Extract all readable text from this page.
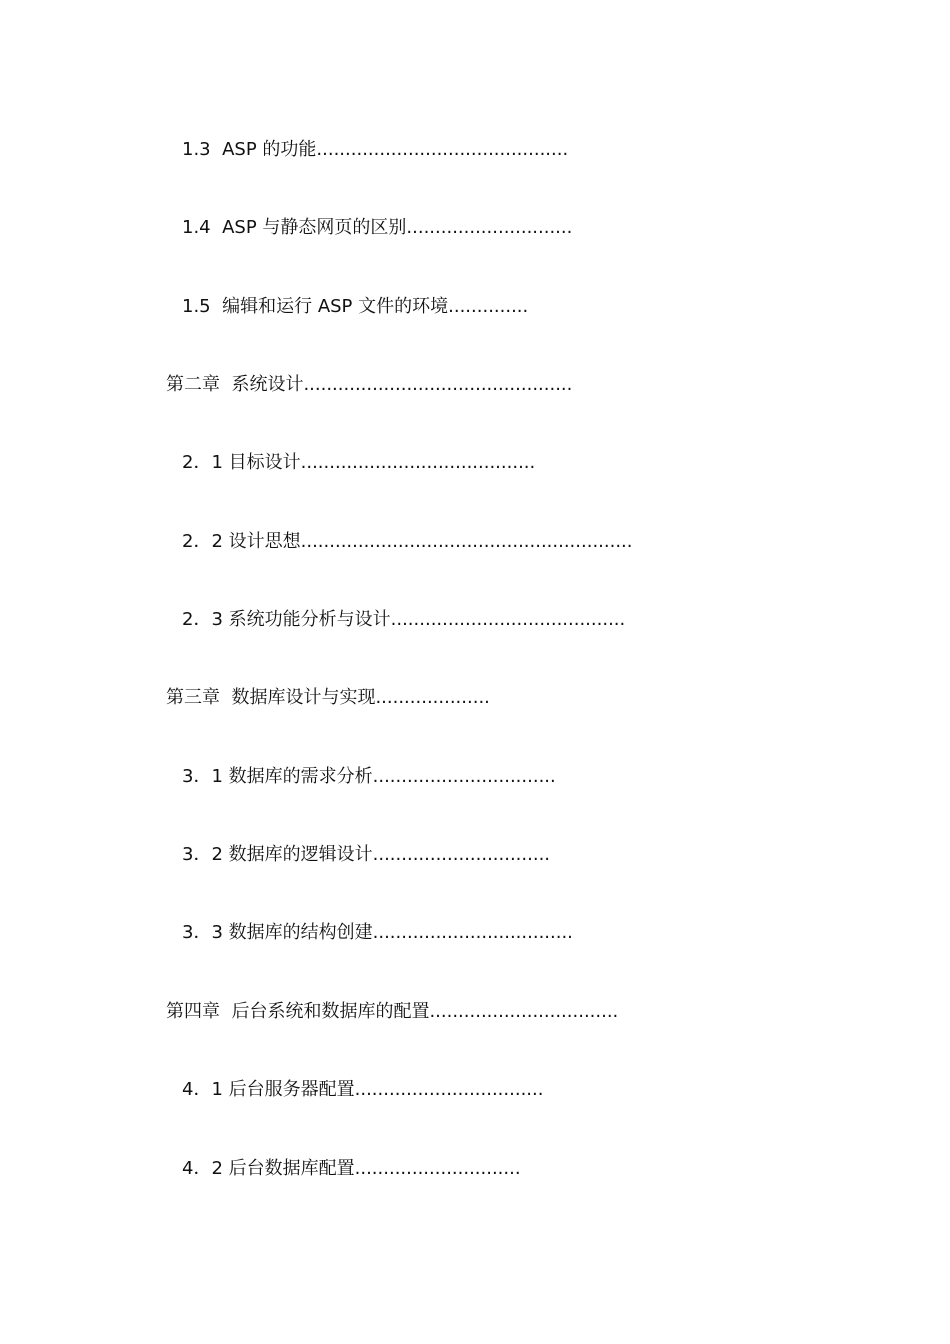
1.3 ASP 的功能............................................

1.4 ASP 与静态网页的区别.............................

1.5 编辑和运行 ASP 文件的环境..............

第二章 系统设计...............................................

2．1 目标设计.........................................

2．2 设计思想..........................................................

2．3 系统功能分析与设计.........................................

第三章 数据库设计与实现....................

3．1 数据库的需求分析................................

3．2 数据库的逻辑设计...............................

3．3 数据库的结构创建...................................

第四章 后台系统和数据库的配置.................................

4．1 后台服务器配置.................................

4．2 后台数据库配置.............................
